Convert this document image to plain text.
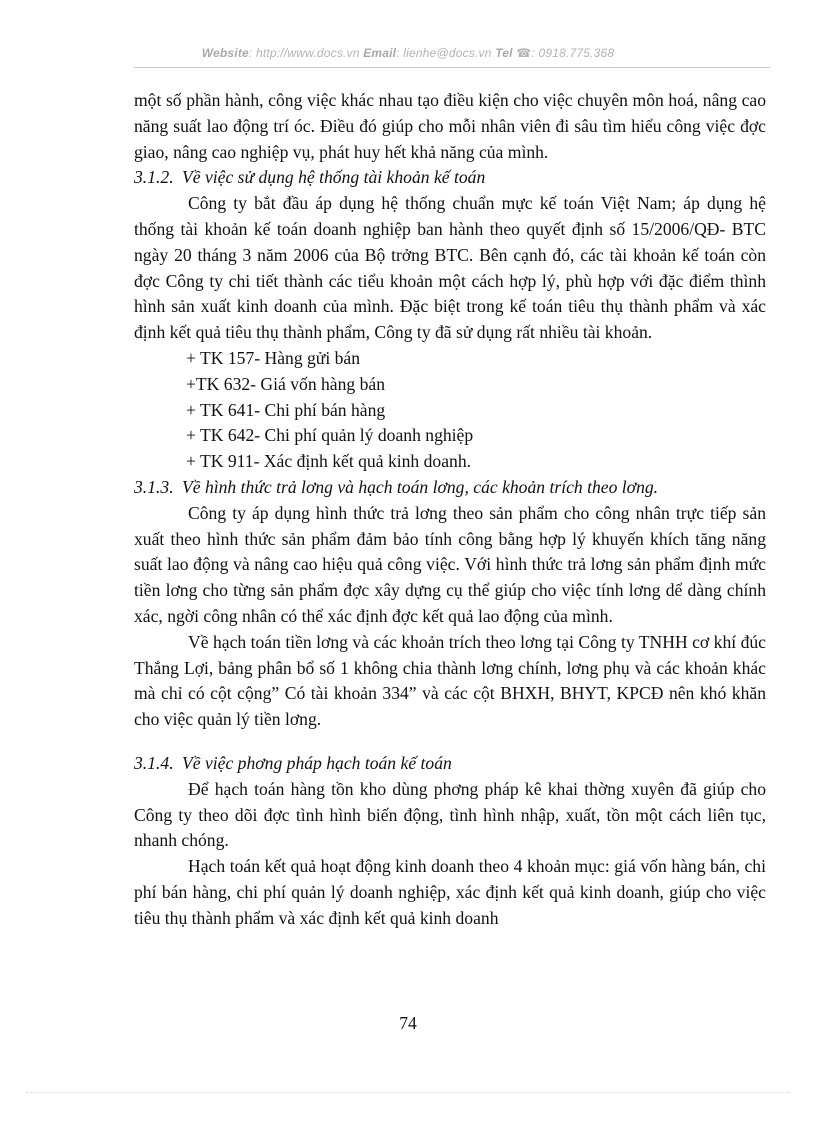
Website: http://www.docs.vn Email: lienhe@docs.vn Tel ☎: 0918.775.368

một số phần hành, công việc khác nhau tạo điều kiện cho việc chuyên môn hoá, nâng cao năng suất lao động trí óc. Điều đó giúp cho mỗi nhân viên đi sâu tìm hiểu công việc đợc giao, nâng cao nghiệp vụ, phát huy hết khả năng của mình.

3.1.2. Về việc sử dụng hệ thống tài khoản kế toán

Công ty bắt đầu áp dụng hệ thống chuẩn mực kế toán Việt Nam; áp dụng hệ thống tài khoản kế toán doanh nghiệp ban hành theo quyết định số 15/2006/QĐ- BTC ngày 20 tháng 3 năm 2006 của Bộ trởng BTC. Bên cạnh đó, các tài khoản kế toán còn đợc Công ty chi tiết thành các tiểu khoản một cách hợp lý, phù hợp với đặc điểm thình hình sản xuất kinh doanh của mình. Đặc biệt trong kế toán tiêu thụ thành phẩm và xác định kết quả tiêu thụ thành phẩm, Công ty đã sử dụng rất nhiều tài khoản.

+ TK 157- Hàng gửi bán

+TK 632- Giá vốn hàng bán

+ TK 641- Chi phí bán hàng

+ TK 642- Chi phí quản lý doanh nghiệp

+ TK 911- Xác định kết quả kinh doanh.

3.1.3. Về hình thức trả lơng và hạch toán lơng, các khoản trích theo lơng.

Công ty áp dụng hình thức trả lơng theo sản phẩm cho công nhân trực tiếp sản xuất theo hình thức sản phẩm đảm bảo tính công bằng hợp lý khuyến khích tăng năng suất lao động và nâng cao hiệu quả công việc. Với hình thức trả lơng sản phẩm định mức tiền lơng cho từng sản phẩm đợc xây dựng cụ thể giúp cho việc tính lơng dể dàng chính xác, ngời công nhân có thể xác định đợc kết quả lao động của mình.

Về hạch toán tiền lơng và các khoản trích theo lơng tại Công ty TNHH cơ khí đúc Thắng Lợi, bảng phân bổ số 1 không chia thành lơng chính, lơng phụ và các khoản khác mà chỉ có cột cộng” Có tài khoản 334” và các cột BHXH, BHYT, KPCĐ nên khó khăn cho việc quản lý tiền lơng.

3.1.4. Về việc phơng pháp hạch toán kế toán

Để hạch toán hàng tồn kho dùng phơng pháp kê khai thờng xuyên đã giúp cho Công ty theo dõi đợc tình hình biến động, tình hình nhập, xuất, tồn một cách liên tục, nhanh chóng.

Hạch toán kết quả hoạt động kinh doanh theo 4 khoản mục: giá vốn hàng bán, chi phí bán hàng, chi phí quản lý doanh nghiệp, xác định kết quả kinh doanh, giúp cho việc tiêu thụ thành phẩm và xác định kết quả kinh doanh

74
